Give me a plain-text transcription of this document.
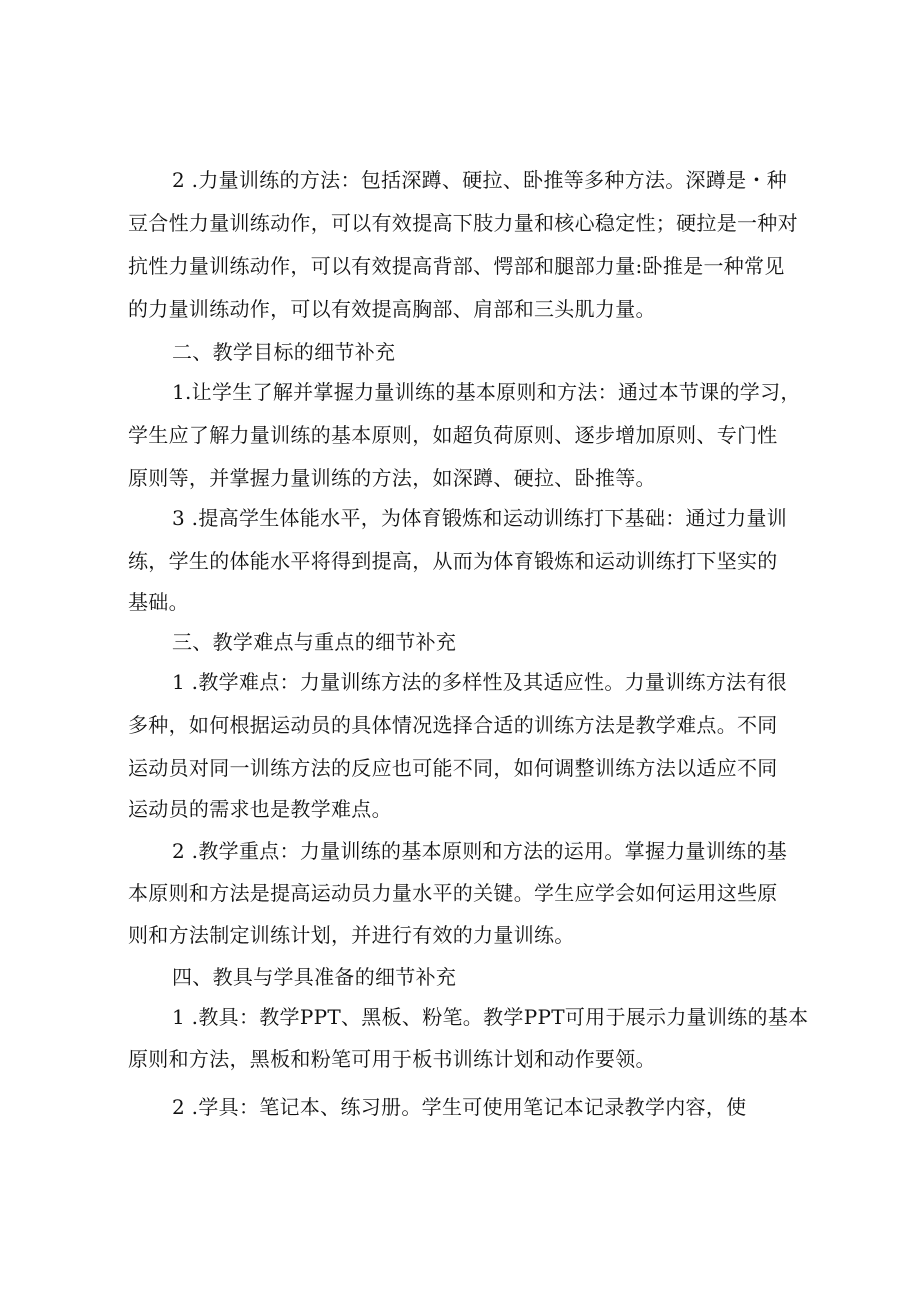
2 .力量训练的方法：包括深蹲、硬拉、卧推等多种方法。深蹲是・种
豆合性力量训练动作，可以有效提高下肢力量和核心稳定性；硬拉是一种对
抗性力量训练动作，可以有效提高背部、愕部和腿部力量:卧推是一种常见
的力量训练动作，可以有效提高胸部、肩部和三头肌力量。
二、教学目标的细节补充
1.让学生了解并掌握力量训练的基本原则和方法：通过本节课的学习，
学生应了解力量训练的基本原则，如超负荷原则、逐步增加原则、专门性
原则等，并掌握力量训练的方法，如深蹲、硬拉、卧推等。
3 .提高学生体能水平，为体育锻炼和运动训练打下基础：通过力量训
练，学生的体能水平将得到提高，从而为体育锻炼和运动训练打下坚实的
基础。
三、教学难点与重点的细节补充
1 .教学难点：力量训练方法的多样性及其适应性。力量训练方法有很
多种，如何根据运动员的具体情况选择合适的训练方法是教学难点。不同
运动员对同一训练方法的反应也可能不同，如何调整训练方法以适应不同
运动员的需求也是教学难点。
2 .教学重点：力量训练的基本原则和方法的运用。掌握力量训练的基
本原则和方法是提高运动员力量水平的关键。学生应学会如何运用这些原
则和方法制定训练计划，并进行有效的力量训练。
四、教具与学具准备的细节补充
1 .教具：教学PPT、黑板、粉笔。教学PPT可用于展示力量训练的基本
原则和方法，黑板和粉笔可用于板书训练计划和动作要领。
2 .学具：笔记本、练习册。学生可使用笔记本记录教学内容，使
